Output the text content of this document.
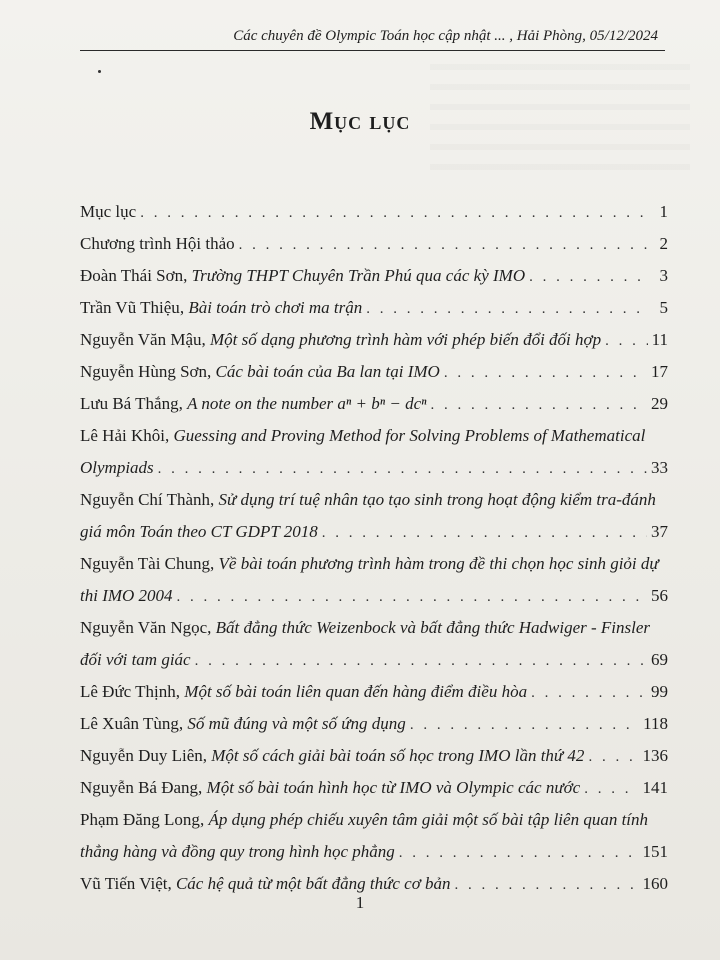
Các chuyên đề Olympic Toán học cập nhật ... , Hải Phòng, 05/12/2024
Mục lục
Mục lục . . .	1
Chương trình Hội thảo . . .	2
Đoàn Thái Sơn , Trường THPT Chuyên Trần Phú qua các kỳ IMO . . .	3
Trần Vũ Thiệu , Bài toán trò chơi ma trận . . .	5
Nguyễn Văn Mậu , Một số dạng phương trình hàm với phép biến đổi đối hợp . . .	11
Nguyễn Hùng Sơn , Các bài toán của Ba lan tại IMO . . .	17
Lưu Bá Thắng , A note on the number aⁿ + bⁿ − dcⁿ . . .	29
Lê Hải Khôi , Guessing and Proving Method for Solving Problems of Mathematical
Olympiads . . .	33
Nguyễn Chí Thành , Sử dụng trí tuệ nhân tạo tạo sinh trong hoạt động kiểm tra-đánh
giá môn Toán theo CT GDPT 2018 . . .	37
Nguyễn Tài Chung , Về bài toán phương trình hàm trong đề thi chọn học sinh giỏi dự
thi IMO 2004 . . .	56
Nguyễn Văn Ngọc , Bất đẳng thức Weizenbock và bất đẳng thức Hadwiger - Finsler
đối với tam giác . . .	69
Lê Đức Thịnh , Một số bài toán liên quan đến hàng điểm điều hòa . . .	99
Lê Xuân Tùng , Số mũ đúng và một số ứng dụng . . .	118
Nguyễn Duy Liên , Một số cách giải bài toán số học trong IMO lần thứ 42 . . .	136
Nguyễn Bá Đang , Một số bài toán hình học từ IMO và Olympic các nước . . .	141
Phạm Đăng Long , Áp dụng phép chiếu xuyên tâm giải một số bài tập liên quan tính
thẳng hàng và đồng quy trong hình học phẳng . . .	151
Vũ Tiến Việt , Các hệ quả từ một bất đẳng thức cơ bản . . .	160
1
